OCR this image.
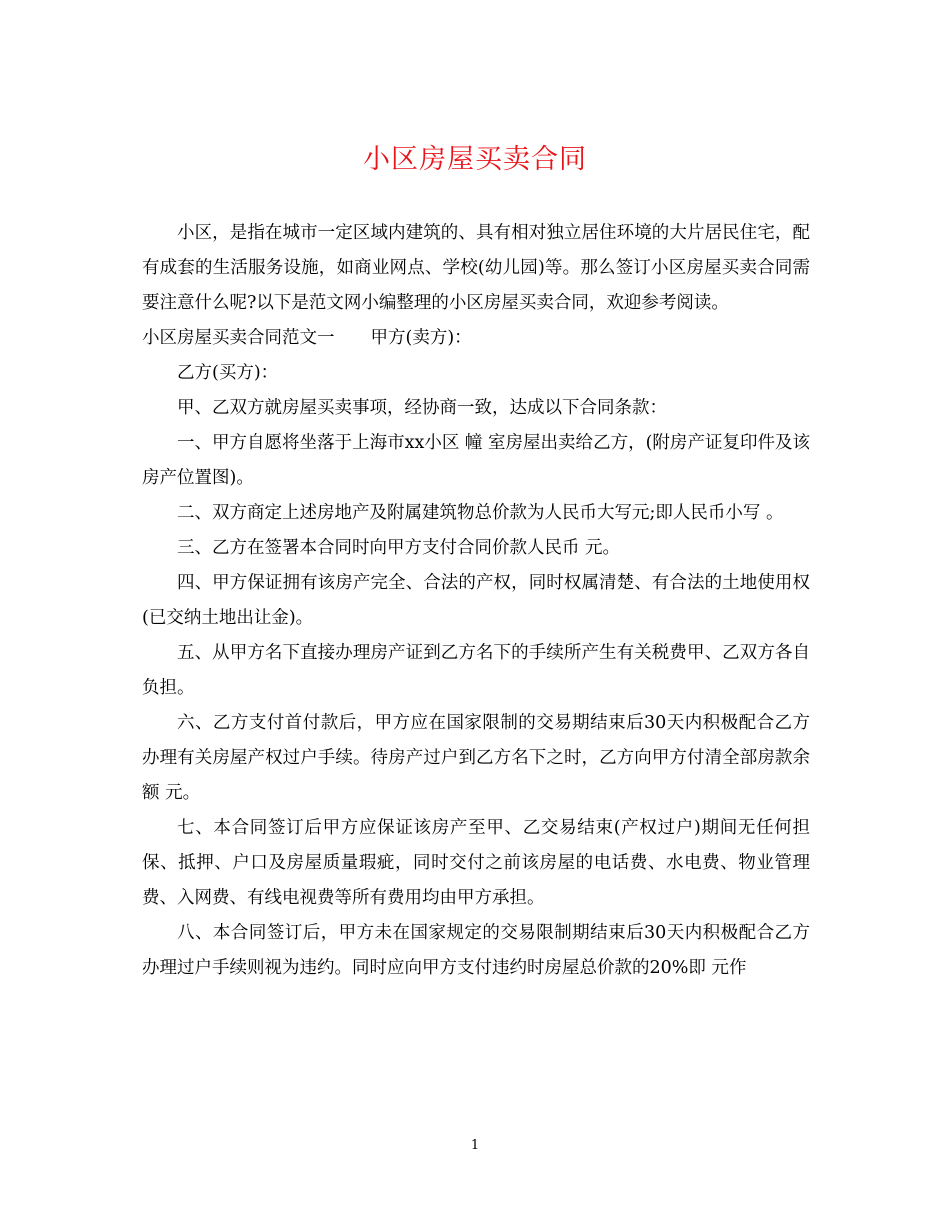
小区房屋买卖合同

小区，是指在城市一定区域内建筑的、具有相对独立居住环境的大片居民住宅，配有成套的生活服务设施，如商业网点、学校(幼儿园)等。那么签订小区房屋买卖合同需要注意什么呢?以下是范文网小编整理的小区房屋买卖合同，欢迎参考阅读。

小区房屋买卖合同范文一 甲方(卖方)：

乙方(买方)：

甲、乙双方就房屋买卖事项，经协商一致，达成以下合同条款：

一、甲方自愿将坐落于上海市xx小区 幢 室房屋出卖给乙方，(附房产证复印件及该房产位置图)。

二、双方商定上述房地产及附属建筑物总价款为人民币大写元;即人民币小写 。

三、乙方在签署本合同时向甲方支付合同价款人民币 元。

四、甲方保证拥有该房产完全、合法的产权，同时权属清楚、有合法的土地使用权(已交纳土地出让金)。

五、从甲方名下直接办理房产证到乙方名下的手续所产生有关税费甲、乙双方各自负担。

六、乙方支付首付款后，甲方应在国家限制的交易期结束后30天内积极配合乙方办理有关房屋产权过户手续。待房产过户到乙方名下之时，乙方向甲方付清全部房款余额 元。

七、本合同签订后甲方应保证该房产至甲、乙交易结束(产权过户)期间无任何担保、抵押、户口及房屋质量瑕疵，同时交付之前该房屋的电话费、水电费、物业管理费、入网费、有线电视费等所有费用均由甲方承担。

八、本合同签订后，甲方未在国家规定的交易限制期结束后30天内积极配合乙方办理过户手续则视为违约。同时应向甲方支付违约时房屋总价款的20%即 元作

1
